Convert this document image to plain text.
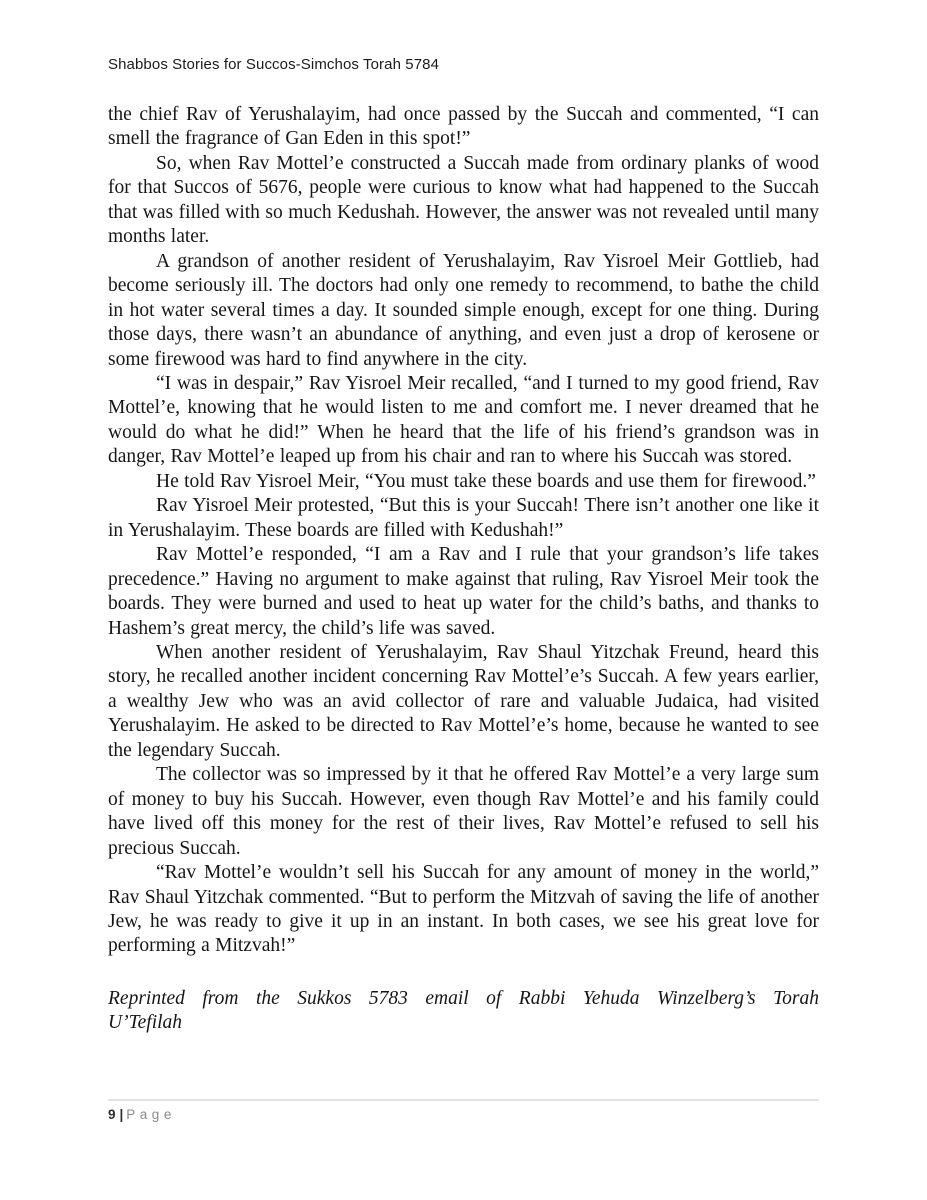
Shabbos Stories for Succos-Simchos Torah 5784

the chief Rav of Yerushalayim, had once passed by the Succah and commented, “I can smell the fragrance of Gan Eden in this spot!”

So, when Rav Mottel’e constructed a Succah made from ordinary planks of wood for that Succos of 5676, people were curious to know what had happened to the Succah that was filled with so much Kedushah. However, the answer was not revealed until many months later.

A grandson of another resident of Yerushalayim, Rav Yisroel Meir Gottlieb, had become seriously ill. The doctors had only one remedy to recommend, to bathe the child in hot water several times a day. It sounded simple enough, except for one thing. During those days, there wasn’t an abundance of anything, and even just a drop of kerosene or some firewood was hard to find anywhere in the city.

“I was in despair,” Rav Yisroel Meir recalled, “and I turned to my good friend, Rav Mottel’e, knowing that he would listen to me and comfort me. I never dreamed that he would do what he did!” When he heard that the life of his friend’s grandson was in danger, Rav Mottel’e leaped up from his chair and ran to where his Succah was stored.

He told Rav Yisroel Meir, “You must take these boards and use them for firewood.”

Rav Yisroel Meir protested, “But this is your Succah! There isn’t another one like it in Yerushalayim. These boards are filled with Kedushah!”

Rav Mottel’e responded, “I am a Rav and I rule that your grandson’s life takes precedence.” Having no argument to make against that ruling, Rav Yisroel Meir took the boards. They were burned and used to heat up water for the child’s baths, and thanks to Hashem’s great mercy, the child’s life was saved.

When another resident of Yerushalayim, Rav Shaul Yitzchak Freund, heard this story, he recalled another incident concerning Rav Mottel’e’s Succah. A few years earlier, a wealthy Jew who was an avid collector of rare and valuable Judaica, had visited Yerushalayim. He asked to be directed to Rav Mottel’e’s home, because he wanted to see the legendary Succah.

The collector was so impressed by it that he offered Rav Mottel’e a very large sum of money to buy his Succah. However, even though Rav Mottel’e and his family could have lived off this money for the rest of their lives, Rav Mottel’e refused to sell his precious Succah.

“Rav Mottel’e wouldn’t sell his Succah for any amount of money in the world,” Rav Shaul Yitzchak commented. “But to perform the Mitzvah of saving the life of another Jew, he was ready to give it up in an instant. In both cases, we see his great love for performing a Mitzvah!”

Reprinted from the Sukkos 5783 email of Rabbi Yehuda Winzelberg’s Torah U’Tefilah

9 | Page
